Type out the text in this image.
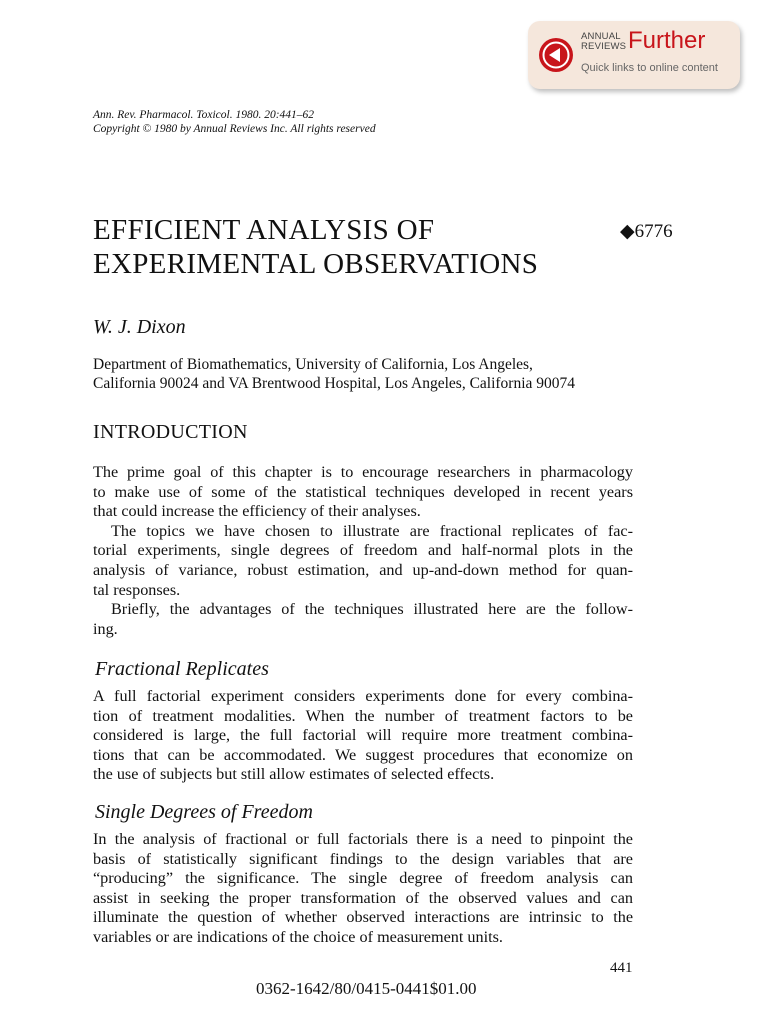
ANNUAL
REVIEWS Further
Quick links to online content
Ann. Rev. Pharmacol. Toxicol. 1980. 20:441–62
Copyright © 1980 by Annual Reviews Inc. All rights reserved
EFFICIENT ANALYSIS OF
EXPERIMENTAL OBSERVATIONS
◆6776
W. J. Dixon
Department of Biomathematics, University of California, Los Angeles,
California 90024 and VA Brentwood Hospital, Los Angeles, California 90074
INTRODUCTION
The prime goal of this chapter is to encourage researchers in pharmacology
to make use of some of the statistical techniques developed in recent years
that could increase the efficiency of their analyses.
The topics we have chosen to illustrate are fractional replicates of fac-
torial experiments, single degrees of freedom and half-normal plots in the
analysis of variance, robust estimation, and up-and-down method for quan-
tal responses.
Briefly, the advantages of the techniques illustrated here are the follow-
ing.
Fractional Replicates
A full factorial experiment considers experiments done for every combina-
tion of treatment modalities. When the number of treatment factors to be
considered is large, the full factorial will require more treatment combina-
tions that can be accommodated. We suggest procedures that economize on
the use of subjects but still allow estimates of selected effects.
Single Degrees of Freedom
In the analysis of fractional or full factorials there is a need to pinpoint the
basis of statistically significant findings to the design variables that are
“producing” the significance. The single degree of freedom analysis can
assist in seeking the proper transformation of the observed values and can
illuminate the question of whether observed interactions are intrinsic to the
variables or are indications of the choice of measurement units.
441
0362-1642/80/0415-0441$01.00
